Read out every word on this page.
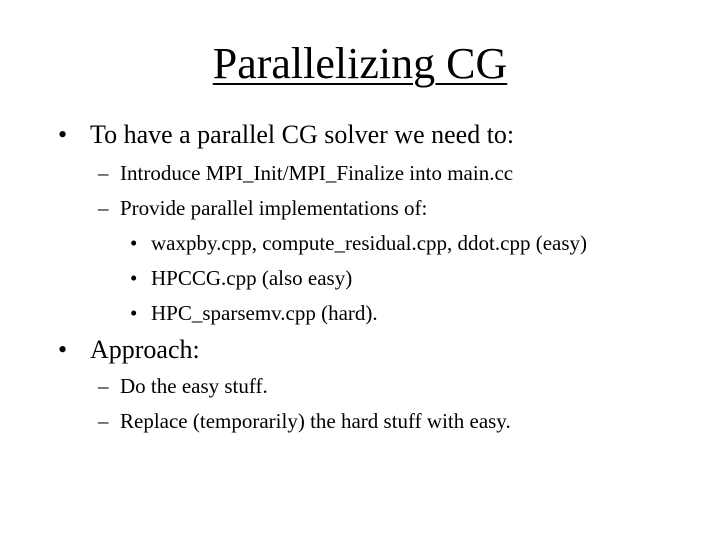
Parallelizing CG
• To have a parallel CG solver we need to:
– Introduce MPI_Init/MPI_Finalize into main.cc
– Provide parallel implementations of:
• waxpby.cpp, compute_residual.cpp, ddot.cpp (easy)
• HPCCG.cpp (also easy)
• HPC_sparsemv.cpp (hard).
• Approach:
– Do the easy stuff.
– Replace (temporarily) the hard stuff with easy.
